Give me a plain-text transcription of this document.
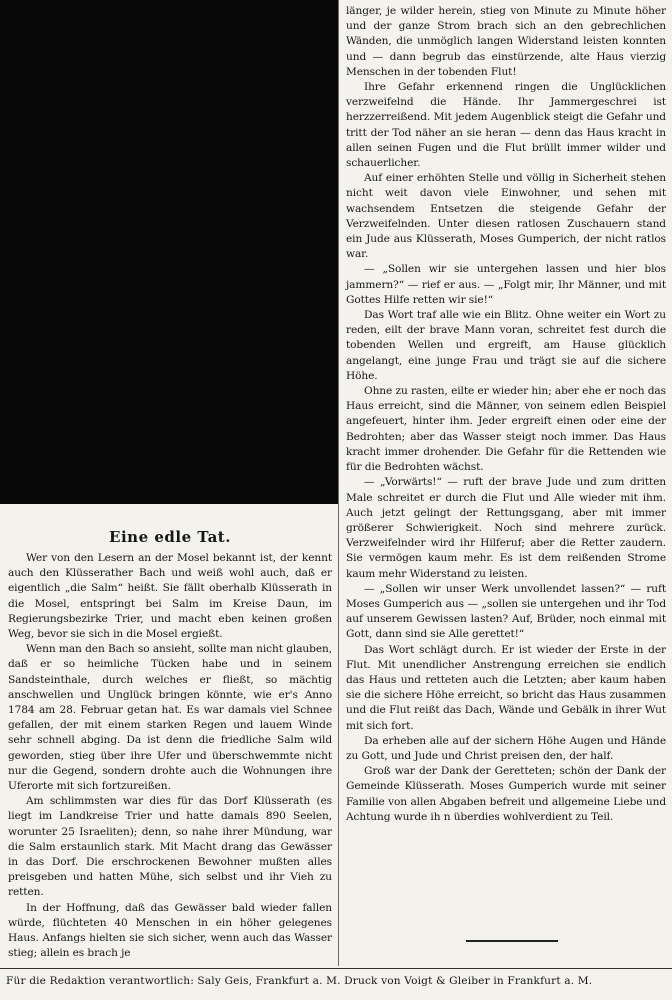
Eine edle Tat.

Wer von den Lesern an der Mosel bekannt ist, der kennt auch den Klüsserather Bach und weiß wohl auch, daß er eigentlich „die Salm“ heißt. Sie fällt oberhalb Klüsserath in die Mosel, entspringt bei Salm im Kreise Daun, im Regierungsbezirke Trier, und macht eben keinen großen Weg, bevor sie sich in die Mosel ergießt.

Wenn man den Bach so ansieht, sollte man nicht glauben, daß er so heimliche Tücken habe und in seinem Sandsteinthale, durch welches er fließt, so mächtig anschwellen und Unglück bringen könnte, wie er's Anno 1784 am 28. Februar getan hat. Es war damals viel Schnee gefallen, der mit einem starken Regen und lauem Winde sehr schnell abging. Da ist denn die friedliche Salm wild geworden, stieg über ihre Ufer und überschwemmte nicht nur die Gegend, sondern drohte auch die Wohnungen ihre Uferorte mit sich fortzureißen.

Am schlimmsten war dies für das Dorf Klüsserath (es liegt im Landkreise Trier und hatte damals 890 Seelen, worunter 25 Israeliten); denn, so nahe ihrer Mündung, war die Salm erstaunlich stark. Mit Macht drang das Gewässer in das Dorf. Die erschrockenen Bewohner mußten alles preisgeben und hatten Mühe, sich selbst und ihr Vieh zu retten.

In der Hoffnung, daß das Gewässer bald wieder fallen würde, flüchteten 40 Menschen in ein höher gelegenes Haus. Anfangs hielten sie sich sicher, wenn auch das Wasser stieg; allein es brach je

länger, je wilder herein, stieg von Minute zu Minute höher und der ganze Strom brach sich an den gebrechlichen Wänden, die unmöglich langen Widerstand leisten konnten und — dann begrub das einstürzende, alte Haus vierzig Menschen in der tobenden Flut!

Ihre Gefahr erkennend ringen die Unglücklichen verzweifelnd die Hände. Ihr Jammergeschrei ist herzzerreißend. Mit jedem Augenblick steigt die Gefahr und tritt der Tod näher an sie heran — denn das Haus kracht in allen seinen Fugen und die Flut brüllt immer wilder und schauerlicher.

Auf einer erhöhten Stelle und völlig in Sicherheit stehen nicht weit davon viele Einwohner, und sehen mit wachsendem Entsetzen die steigende Gefahr der Verzweifelnden. Unter diesen ratlosen Zuschauern stand ein Jude aus Klüsserath, Moses Gumperich, der nicht ratlos war.

— „Sollen wir sie untergehen lassen und hier blos jammern?“ — rief er aus. — „Folgt mir, Ihr Männer, und mit Gottes Hilfe retten wir sie!“

Das Wort traf alle wie ein Blitz. Ohne weiter ein Wort zu reden, eilt der brave Mann voran, schreitet fest durch die tobenden Wellen und ergreift, am Hause glücklich angelangt, eine junge Frau und trägt sie auf die sichere Höhe.

Ohne zu rasten, eilte er wieder hin; aber ehe er noch das Haus erreicht, sind die Männer, von seinem edlen Beispiel angefeuert, hinter ihm. Jeder ergreift einen oder eine der Bedrohten; aber das Wasser steigt noch immer. Das Haus kracht immer drohender. Die Gefahr für die Rettenden wie für die Bedrohten wächst.

— „Vorwärts!“ — ruft der brave Jude und zum dritten Male schreitet er durch die Flut und Alle wieder mit ihm. Auch jetzt gelingt der Rettungsgang, aber mit immer größerer Schwierigkeit. Noch sind mehrere zurück. Verzweifelnder wird ihr Hilferuf; aber die Retter zaudern. Sie vermögen kaum mehr. Es ist dem reißenden Strome kaum mehr Widerstand zu leisten.

— „Sollen wir unser Werk unvollendet lassen?“ — ruft Moses Gumperich aus — „sollen sie untergehen und ihr Tod auf unserem Gewissen lasten? Auf, Brüder, noch einmal mit Gott, dann sind sie Alle gerettet!“

Das Wort schlägt durch. Er ist wieder der Erste in der Flut. Mit unendlicher Anstrengung erreichen sie endlich das Haus und retteten auch die Letzten; aber kaum haben sie die sichere Höhe erreicht, so bricht das Haus zusammen und die Flut reißt das Dach, Wände und Gebälk in ihrer Wut mit sich fort.

Da erheben alle auf der sichern Höhe Augen und Hände zu Gott, und Jude und Christ preisen den, der half.

Groß war der Dank der Geretteten; schön der Dank der Gemeinde Klüsserath. Moses Gumperich wurde mit seiner Familie von allen Abgaben befreit und allgemeine Liebe und Achtung wurde ih n überdies wohlverdient zu Teil.

Für die Redaktion verantwortlich: Saly Geis, Frankfurt a. M. Druck von Voigt & Gleiber in Frankfurt a. M.
